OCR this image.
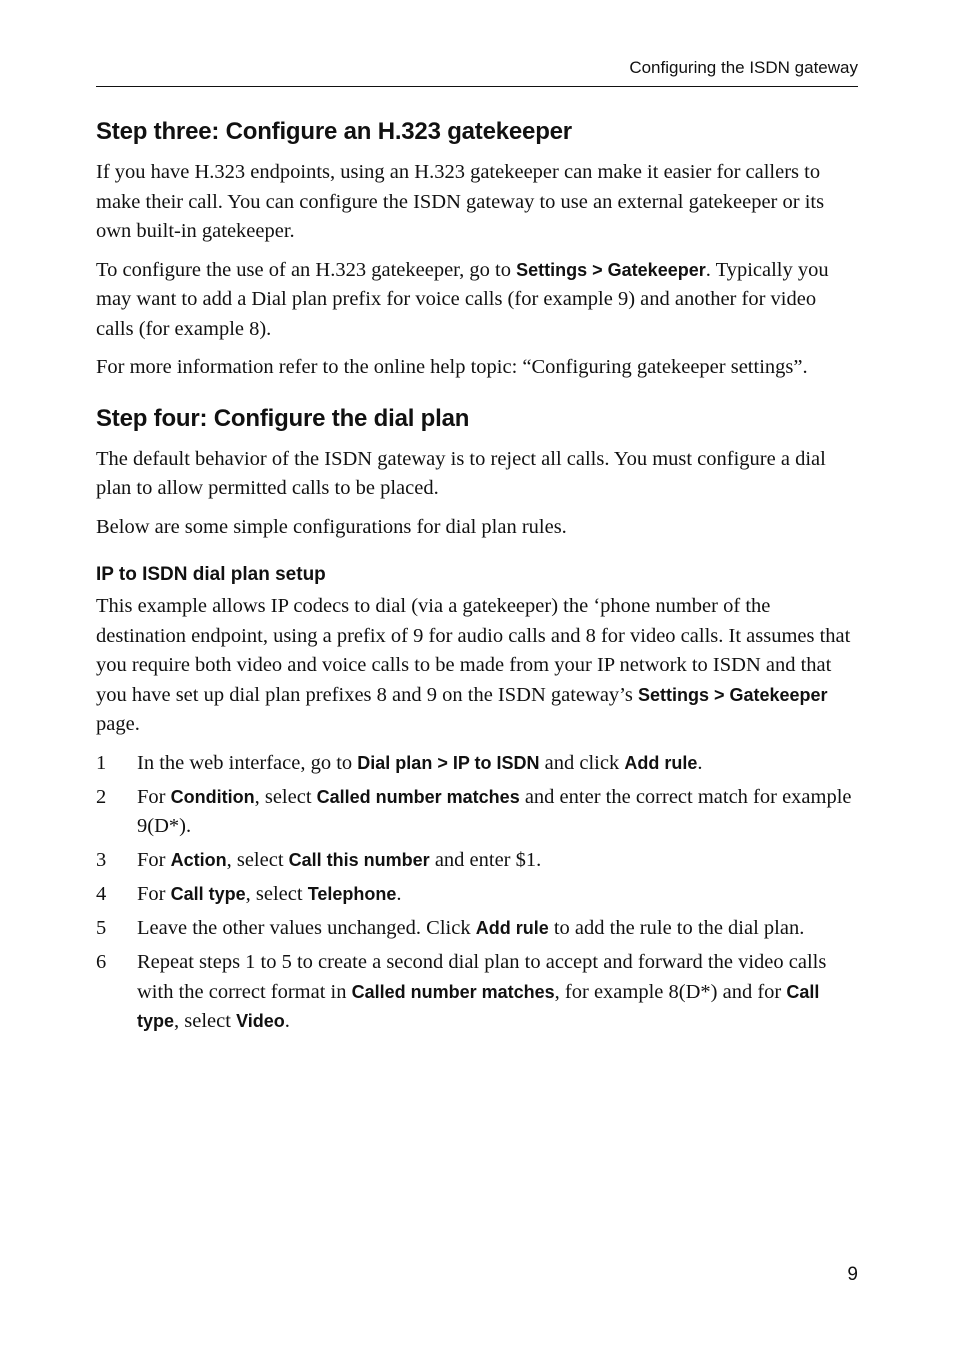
Configuring the ISDN gateway
Step three: Configure an H.323 gatekeeper

If you have H.323 endpoints, using an H.323 gatekeeper can make it easier for callers to make their call. You can configure the ISDN gateway to use an external gatekeeper or its own built-in gatekeeper.

To configure the use of an H.323 gatekeeper, go to Settings > Gatekeeper. Typically you may want to add a Dial plan prefix for voice calls (for example 9) and another for video calls (for example 8).

For more information refer to the online help topic: “Configuring gatekeeper settings”.

Step four: Configure the dial plan

The default behavior of the ISDN gateway is to reject all calls. You must configure a dial plan to allow permitted calls to be placed.

Below are some simple configurations for dial plan rules.

IP to ISDN dial plan setup

This example allows IP codecs to dial (via a gatekeeper) the ‘phone number of the destination endpoint, using a prefix of 9 for audio calls and 8 for video calls. It assumes that you require both video and voice calls to be made from your IP network to ISDN and that you have set up dial plan prefixes 8 and 9 on the ISDN gateway’s Settings > Gatekeeper page.

1 In the web interface, go to Dial plan > IP to ISDN and click Add rule.
2 For Condition, select Called number matches and enter the correct match for example 9(D*).
3 For Action, select Call this number and enter $1.
4 For Call type, select Telephone.
5 Leave the other values unchanged. Click Add rule to add the rule to the dial plan.
6 Repeat steps 1 to 5 to create a second dial plan to accept and forward the video calls with the correct format in Called number matches, for example 8(D*) and for Call type, select Video.
9
